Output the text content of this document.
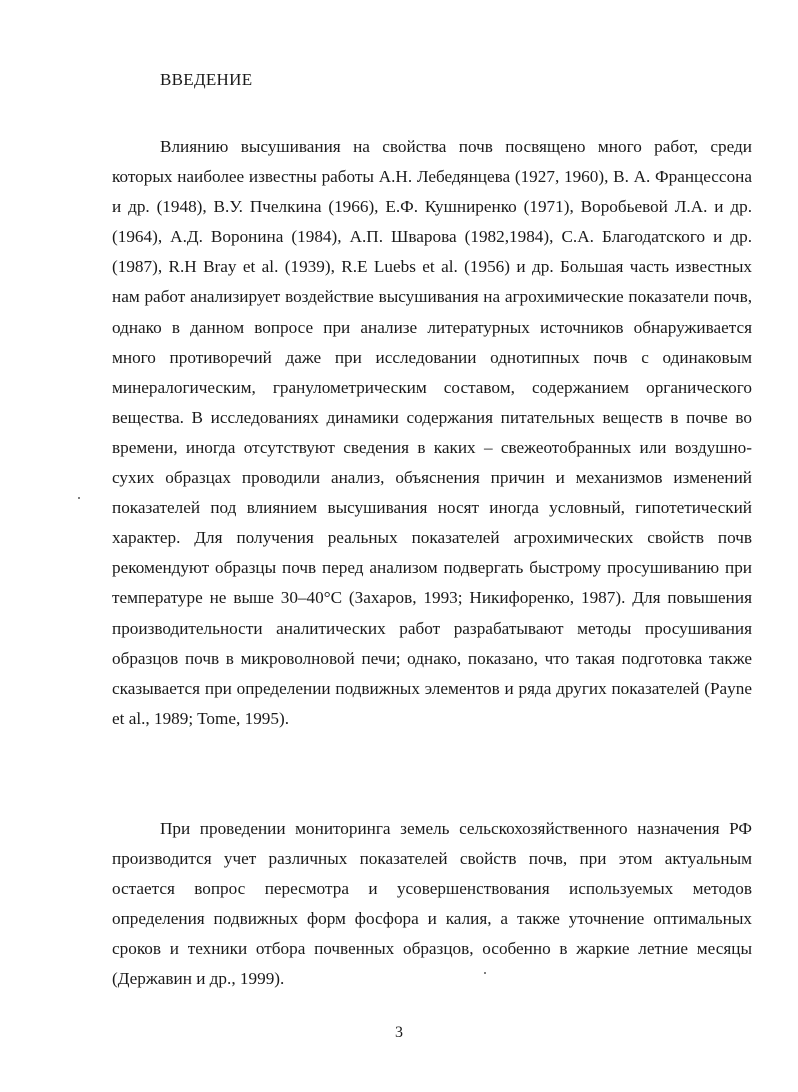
ВВЕДЕНИЕ

Влиянию высушивания на свойства почв посвящено много работ, среди которых наиболее известны работы А.Н. Лебедянцева (1927, 1960), В. А. Францессона и др. (1948), В.У. Пчелкина (1966), Е.Ф. Кушниренко (1971), Воробьевой Л.А. и др. (1964), А.Д. Воронина (1984), А.П. Шварова (1982,1984), С.А. Благодатского и др. (1987), R.H Bray et al. (1939), R.E Luebs et al. (1956) и др. Большая часть известных нам работ анализирует воздействие высушивания на агрохимические показатели почв, однако в данном вопросе при анализе литературных источников обнаруживается много противоречий даже при исследовании однотипных почв с одинаковым минералогическим, гранулометрическим составом, содержанием органического вещества. В исследованиях динамики содержания питательных веществ в почве во времени, иногда отсутствуют сведения в каких – свежеотобранных или воздушно-сухих образцах проводили анализ, объяснения причин и механизмов изменений показателей под влиянием высушивания носят иногда условный, гипотетический характер. Для получения реальных показателей агрохимических свойств почв рекомендуют образцы почв перед анализом подвергать быстрому просушиванию при температуре не выше 30–40°С (Захаров, 1993; Никифоренко, 1987). Для повышения производительности аналитических работ разрабатывают методы просушивания образцов почв в микроволновой печи; однако, показано, что такая подготовка также сказывается при определении подвижных элементов и ряда других показателей (Payne et al., 1989; Tome, 1995).

При проведении мониторинга земель сельскохозяйственного назначения РФ производится учет различных показателей свойств почв, при этом актуальным остается вопрос пересмотра и усовершенствования используемых методов определения подвижных форм фосфора и калия, а также уточнение оптимальных сроков и техники отбора почвенных образцов, особенно в жаркие летние месяцы (Державин и др., 1999).

3
